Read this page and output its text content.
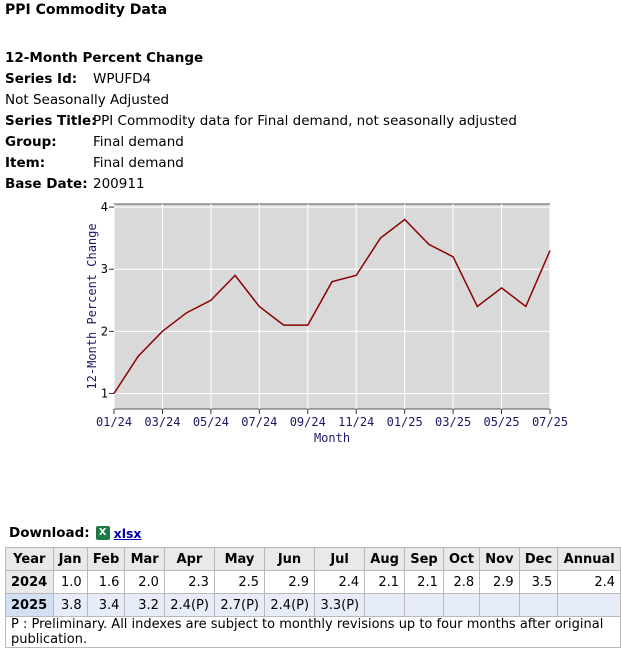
PPI Commodity Data
12-Month Percent Change
Series Id: WPUFD4
Not Seasonally Adjusted
Series Title:PPI Commodity data for Final demand, not seasonally adjusted
Group:	Final demand
Item:	Final demand
Base Date: 200911
01/24 03/24 05/24 07/24 09/24 11/24 01/25 03/25 05/25 07/25
1
2
3
4
Month
12-Month Percent Change
Download: X xlsx
Year	Jan	Feb	Mar	Apr	May	Jun	Jul	Aug	Sep	Oct	Nov	Dec	Annual
2024	1.0	1.6	2.0	2.3	2.5	2.9	2.4	2.1	2.1	2.8	2.9	3.5	2.4
2025	3.8	3.4	3.2	2.4(P)	2.7(P)	2.4(P)	3.3(P)						
P : Preliminary. All indexes are subject to monthly revisions up to four months after original publication.													
